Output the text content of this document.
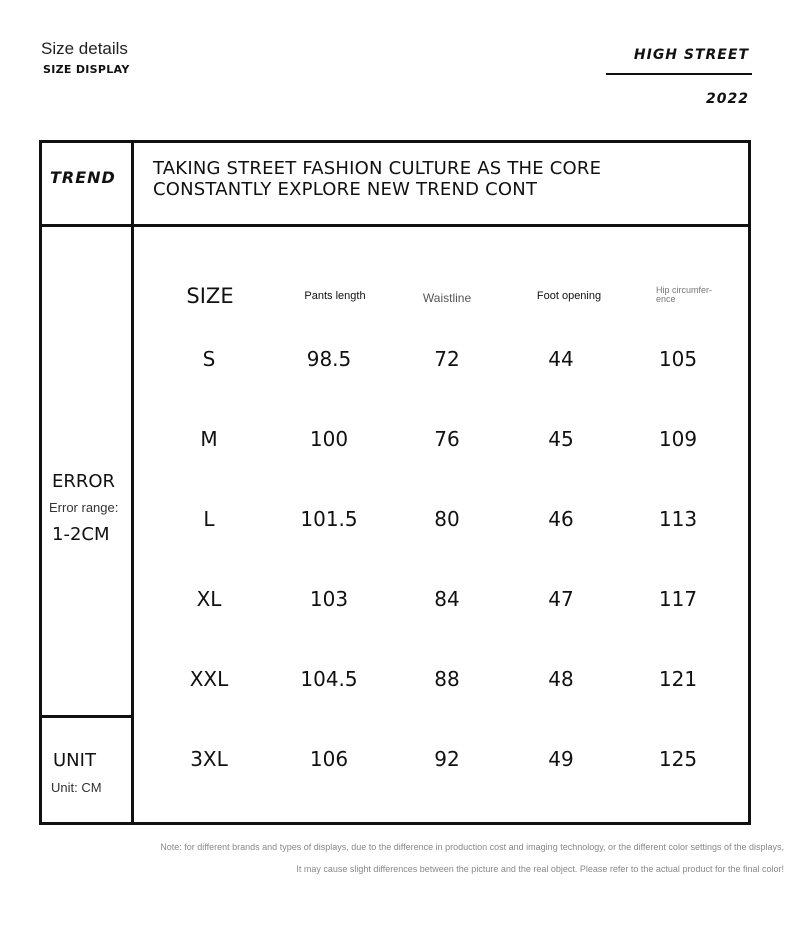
Size details
SIZE DISPLAY
HIGH STREET
2022
TREND TAKING STREET FASHION CULTURE AS THE CORE
CONSTANTLY EXPLORE NEW TREND CONT
ERROR
Error range:
1-2CM
UNIT
Unit: CM
SIZE	Pants length	Waistline	Foot opening	Hip circumfer- ence
S	98.5	72	44	105
M	100	76	45	109
L	101.5	80	46	113
XL	103	84	47	117
XXL	104.5	88	48	121
3XL	106	92	49	125
Note: for different brands and types of displays, due to the difference in production cost and imaging technology, or the different color settings of the displays,
It may cause slight differences between the picture and the real object. Please refer to the actual product for the final color!
